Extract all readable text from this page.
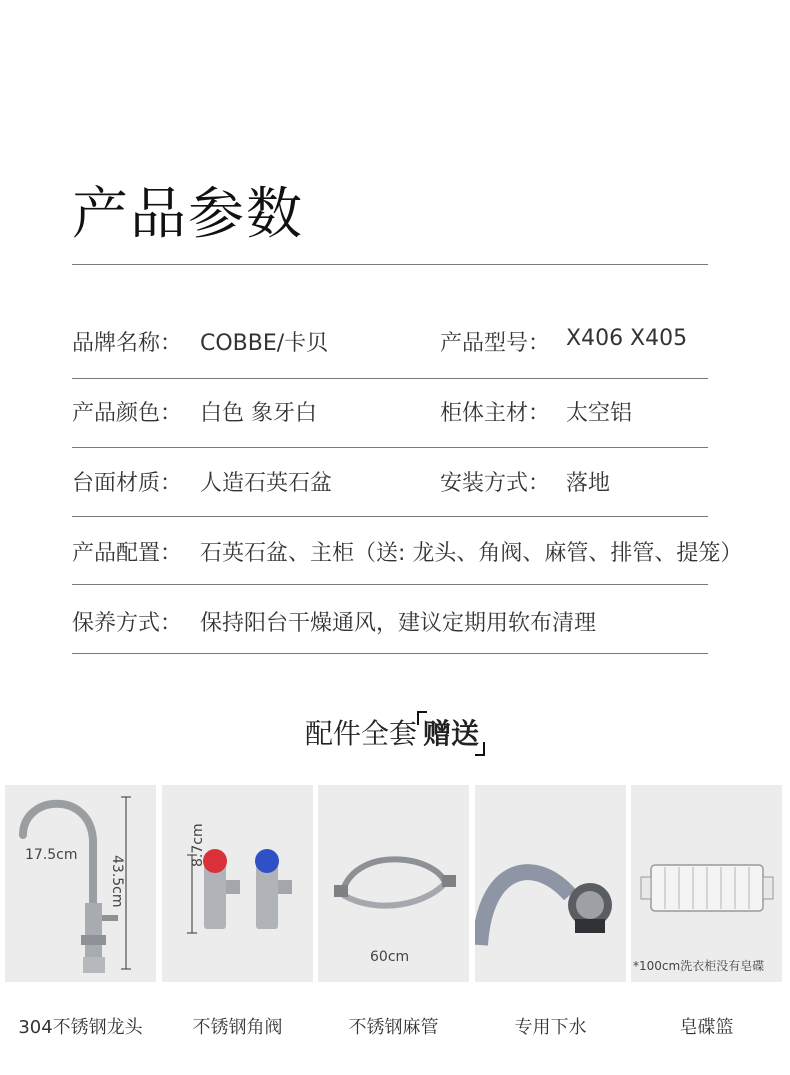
产品参数
品牌名称： COBBE/卡贝	产品型号： X406 X405
产品颜色： 白色 象牙白	柜体主材： 太空铝
台面材质： 人造石英石盆	安装方式： 落地
产品配置： 石英石盆、主柜（送: 龙头、角阀、麻管、排管、提笼）
保养方式： 保持阳台干燥通风，建议定期用软布清理
配件全套 赠送
17.5cm 43.5cm
304不锈钢龙头
8.7cm
不锈钢角阀
60cm
不锈钢麻管	专用下水
*100cm洗衣柜没有皂碟
皂碟篮
